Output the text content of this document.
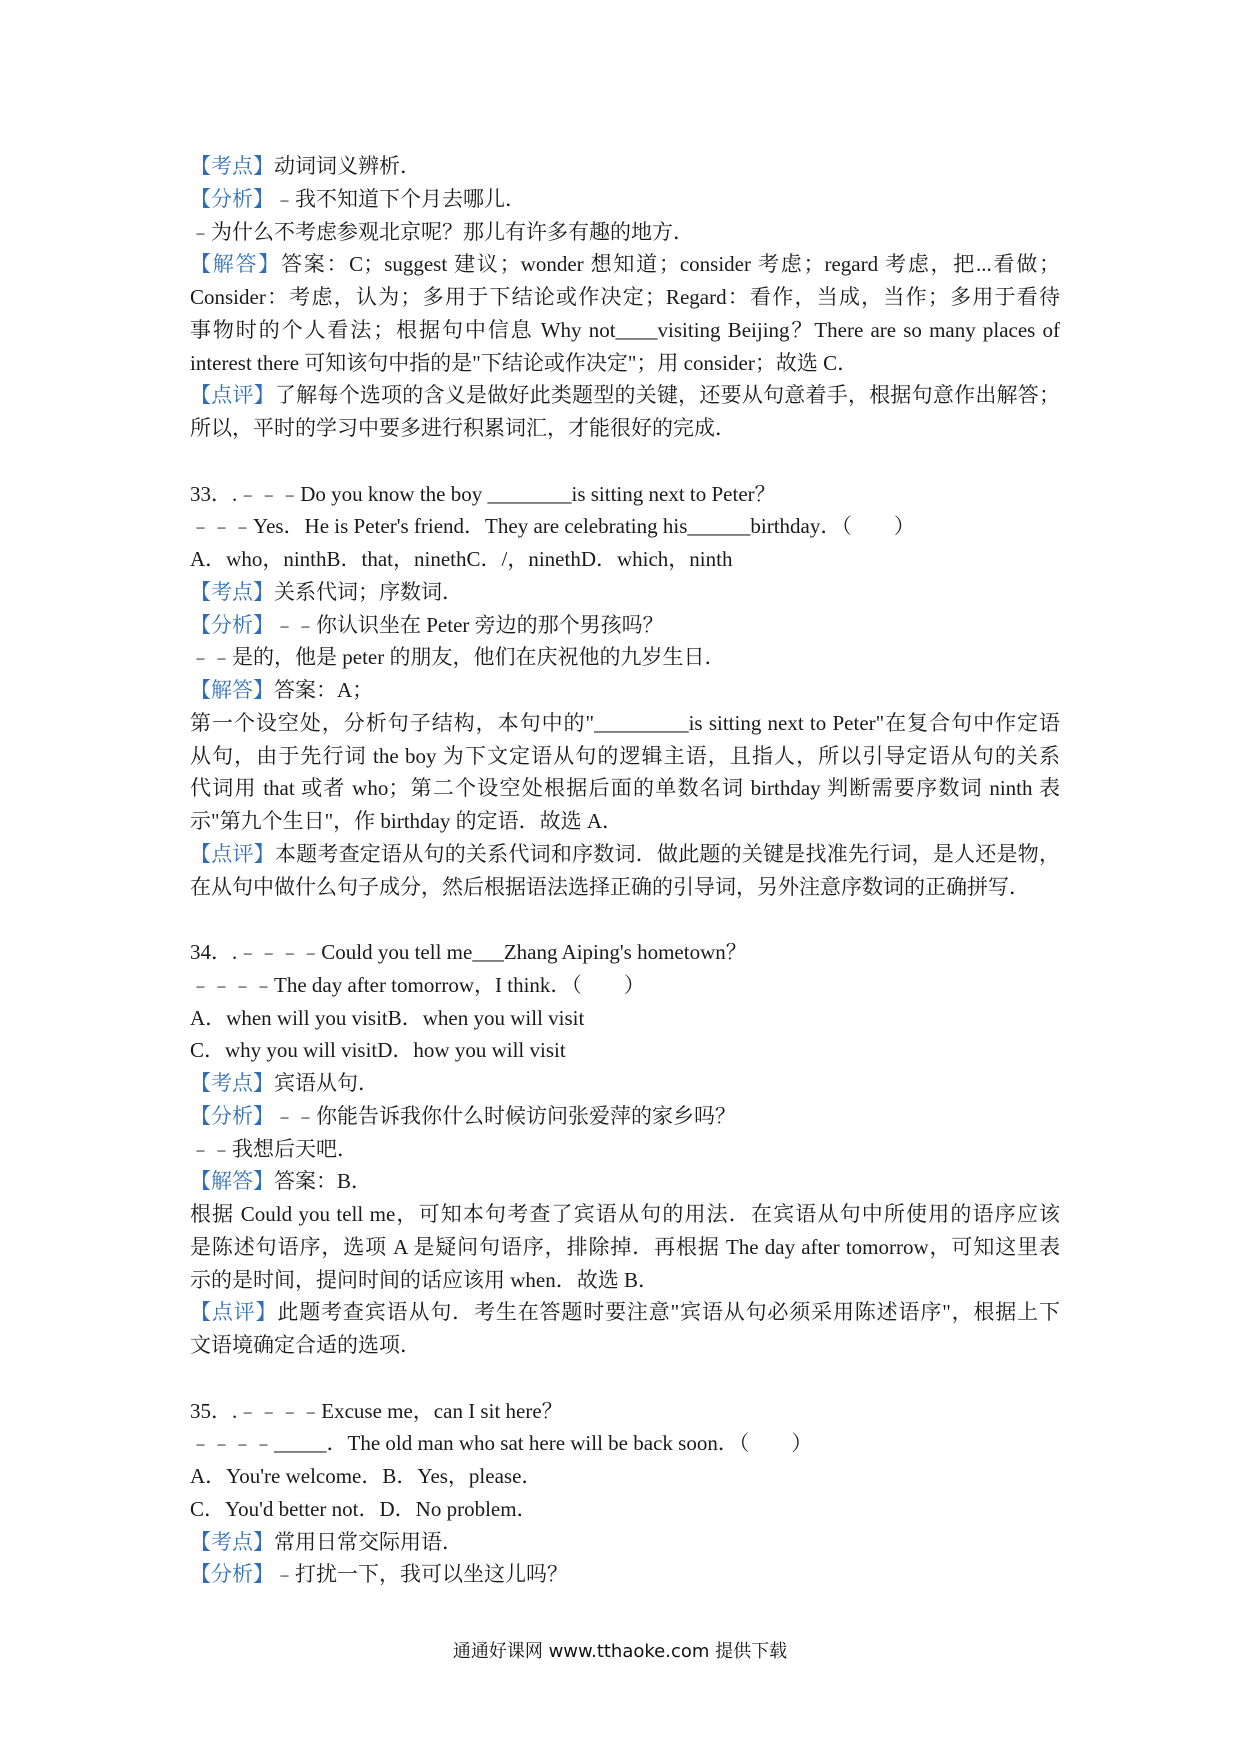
【考点】动词词义辨析．

【分析】﹣我不知道下个月去哪儿．

﹣为什么不考虑参观北京呢？那儿有许多有趣的地方．

【解答】答案：C；suggest 建议；wonder 想知道；consider 考虑；regard 考虑，把...看做；

Consider：考虑，认为；多用于下结论或作决定；Regard：看作，当成，当作；多用于看待

事物时的个人看法；根据句中信息 Why not____visiting Beijing？There are so many places of

interest there 可知该句中指的是"下结论或作决定"；用 consider；故选 C．

【点评】了解每个选项的含义是做好此类题型的关键，还要从句意着手，根据句意作出解答；

所以，平时的学习中要多进行积累词汇，才能很好的完成．

33．.﹣﹣﹣Do you know the boy ________is sitting next to Peter？

﹣﹣﹣Yes．He is Peter's friend．They are celebrating his______birthday．（　　）

A．who，ninthB．that，ninethC．/，ninethD．which，ninth

【考点】关系代词；序数词．

【分析】﹣﹣你认识坐在 Peter 旁边的那个男孩吗？

﹣﹣是的，他是 peter 的朋友，他们在庆祝他的九岁生日．

【解答】答案：A；

第一个设空处，分析句子结构，本句中的"_________is sitting next to Peter"在复合句中作定语

从句，由于先行词 the boy 为下文定语从句的逻辑主语，且指人，所以引导定语从句的关系

代词用 that 或者 who；第二个设空处根据后面的单数名词 birthday 判断需要序数词 ninth 表

示"第九个生日"，作 birthday 的定语．故选 A．

【点评】本题考查定语从句的关系代词和序数词．做此题的关键是找准先行词，是人还是物，

在从句中做什么句子成分，然后根据语法选择正确的引导词，另外注意序数词的正确拼写．

34．.﹣﹣﹣﹣Could you tell me___Zhang Aiping's hometown？

﹣﹣﹣﹣The day after tomorrow，I think．（　　）

A．when will you visitB．when you will visit

C．why you will visitD．how you will visit

【考点】宾语从句．

【分析】﹣﹣你能告诉我你什么时候访问张爱萍的家乡吗？

﹣﹣我想后天吧．

【解答】答案：B．

根据 Could you tell me，可知本句考查了宾语从句的用法．在宾语从句中所使用的语序应该

是陈述句语序，选项 A 是疑问句语序，排除掉．再根据 The day after tomorrow，可知这里表

示的是时间，提问时间的话应该用 when．故选 B．

【点评】此题考查宾语从句．考生在答题时要注意"宾语从句必须采用陈述语序"，根据上下

文语境确定合适的选项．

35．.﹣﹣﹣﹣Excuse me，can I sit here？

﹣﹣﹣﹣_____．The old man who sat here will be back soon．（　　）

A．You're welcome．B．Yes，please．

C．You'd better not．D．No problem．

【考点】常用日常交际用语．

【分析】﹣打扰一下，我可以坐这儿吗？

通通好课网 www.tthaoke.com 提供下载
